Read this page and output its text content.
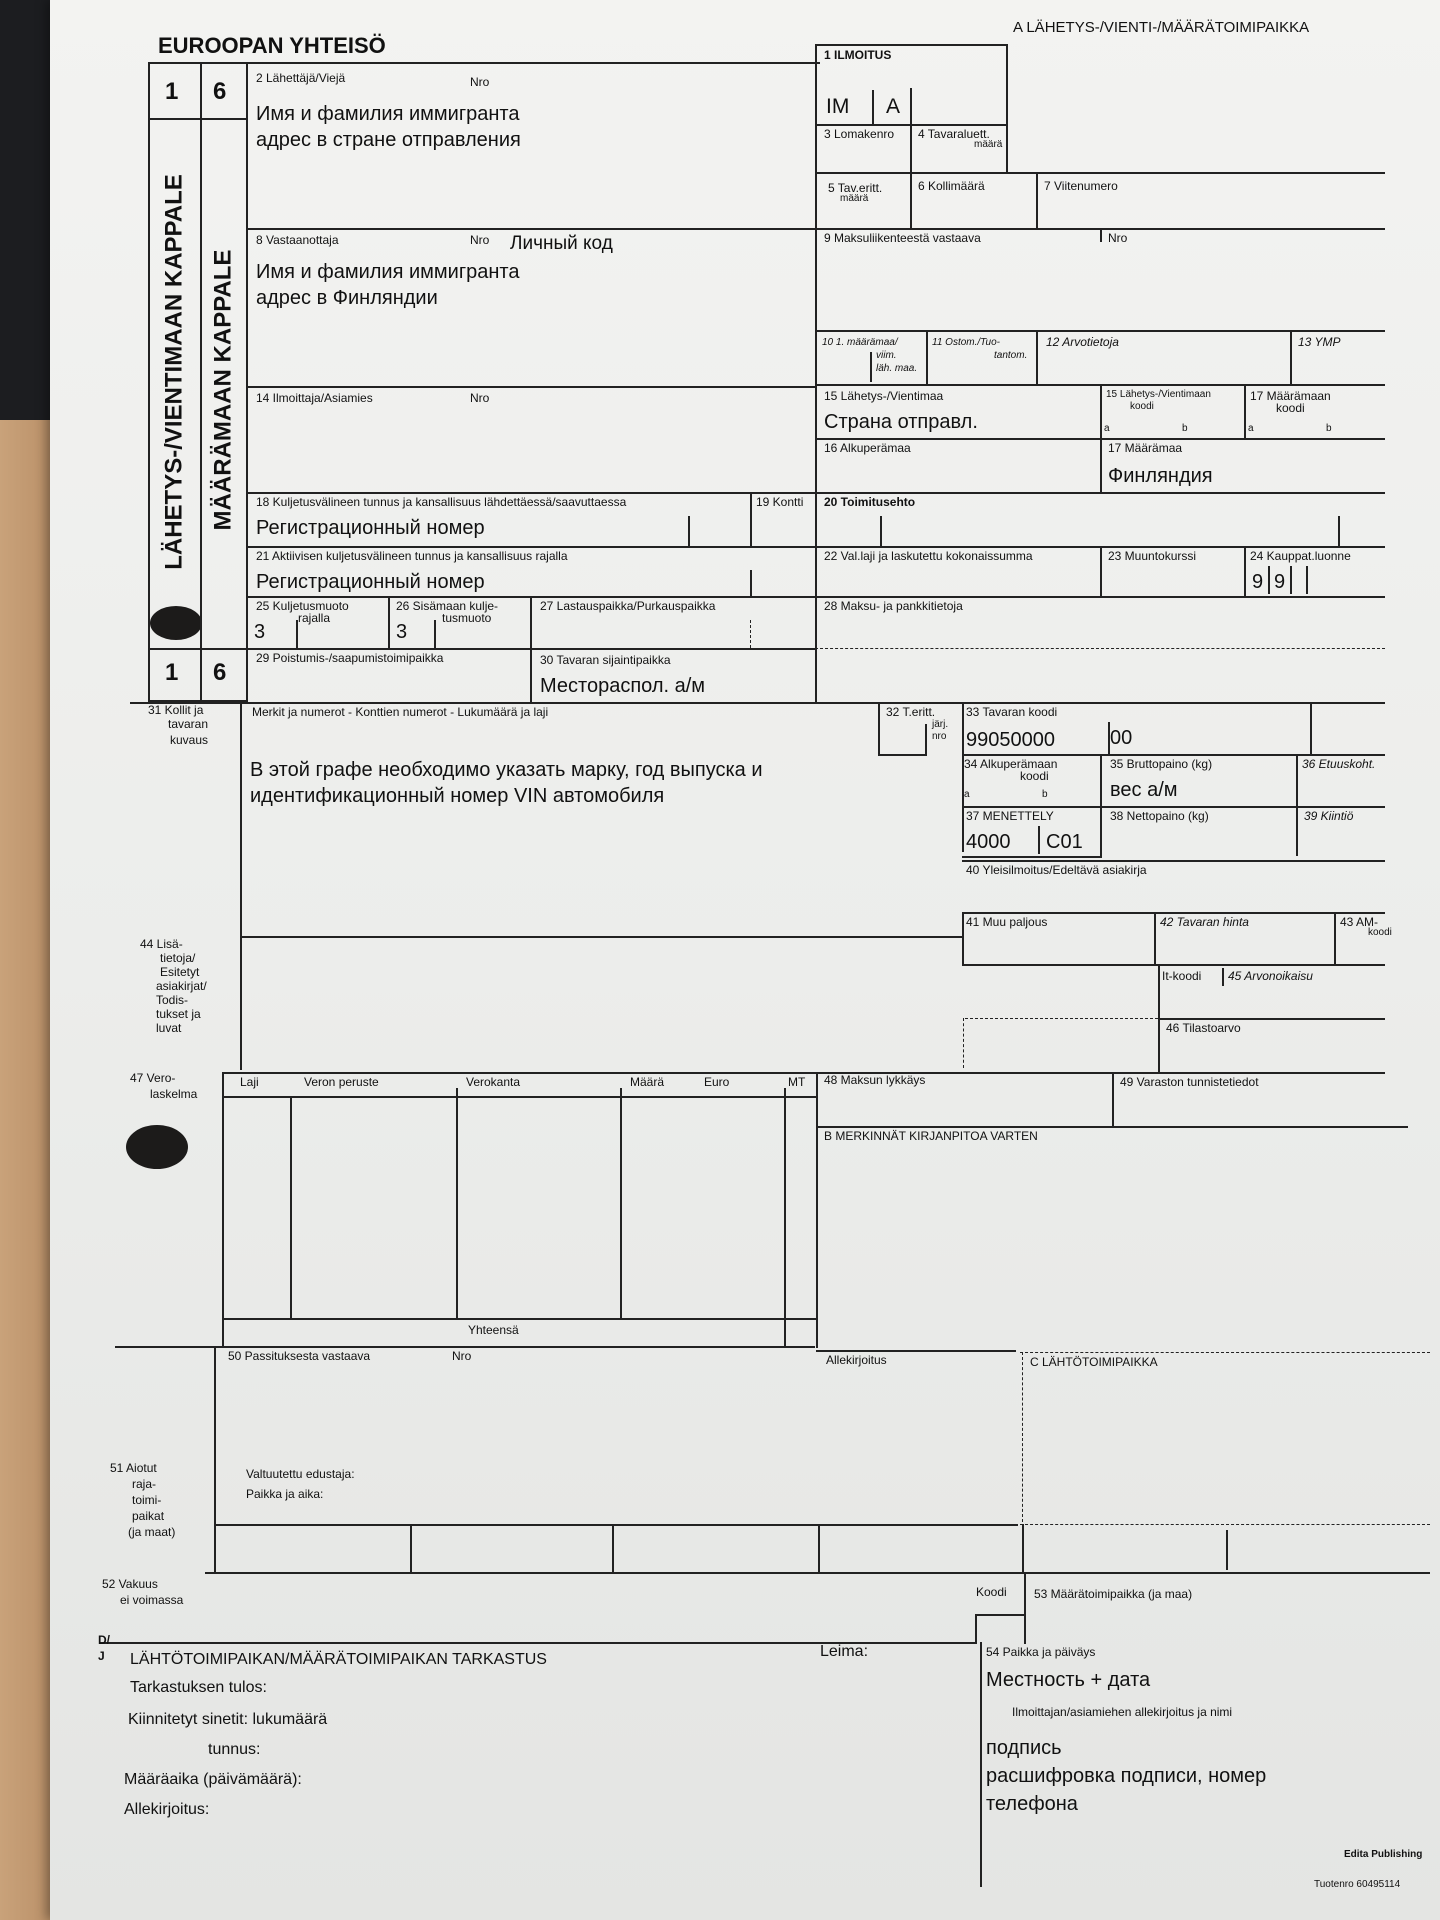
EUROOPAN YHTEISÖ
A LÄHETYS-/VIENTI-/MÄÄRÄTOIMIPAIKKA
1 6
1 6
LÄHETYS-/VIENTIMAAN KAPPALE MÄÄRÄMAAN KAPPALE
1 ILMOITUS
IM A
2 Lähettäjä/Viejä	Nro
Имя и фамилия иммигранта
адрес в стране отправления	3 Lomakenro 4 Tavaraluett.
määrä
5 Tav.eritt.
määrä
6 Kollimäärä	7 Viitenumero
8 Vastaanottaja	Nro Личный код
Имя и фамилия иммигранта
адрес в Финляндии
9 Maksuliikenteestä vastaava	Nro
10 1. määrämaa/
viim.
läh. maa.
11 Ostom./Tuo-
tantom.
12 Arvotietoja	13 YMP
14 Ilmoittaja/Asiamies	Nro	15 Lähetys-/Vientimaa
Страна отправл.
15 Lähetys-/Vientimaan
koodi
a	b
17 Määrämaan
koodi
a	b
16 Alkuperämaa	17 Määrämaa
Финляндия
18 Kuljetusvälineen tunnus ja kansallisuus lähdettäessä/saavuttaessa
Регистрационный номер
19 Kontti 20 Toimitusehto
21 Aktiivisen kuljetusvälineen tunnus ja kansallisuus rajalla
Регистрационный номер
22 Val.laji ja laskutettu kokonaissumma	23 Muuntokurssi	24 Kauppat.luonne
9 9
25 Kuljetusmuoto
rajalla
3
26 Sisämaan kulje-
tusmuoto
3
27 Lastauspaikka/Purkauspaikka	28 Maksu- ja pankkitietoja
29 Poistumis-/saapumistoimipaikka	30 Tavaran sijaintipaikka
Местораспол. а/м
31 Kollit ja
tavaran
kuvaus
Merkit ja numerot - Konttien numerot - Lukumäärä ja laji
В этой графе необходимо указать марку, год выпуска и
идентификационный номер VIN автомобиля
32 T.eritt.
järj.
nro
33 Tavaran koodi
99050000	00
34 Alkuperämaan
koodi
a	b
35 Bruttopaino (kg)
вес а/м
36 Etuuskoht.
37 MENETTELY
4000 C01
38 Nettopaino (kg)	39 Kiintiö
40 Yleisilmoitus/Edeltävä asiakirja
41 Muu paljous	42 Tavaran hinta	43 AM-
koodi
44 Lisä-
tietoja/
Esitetyt
asiakirjat/
Todis-
tukset ja
luvat
It-koodi 45 Arvonoikaisu
46 Tilastoarvo
47 Vero-
laskelma
Laji	Veron peruste	Verokanta	Määrä	Euro	MT
Yhteensä
48 Maksun lykkäys	49 Varaston tunnistetiedot
B MERKINNÄT KIRJANPITOA VARTEN
50 Passituksesta vastaava	Nro	Allekirjoitus
Valtuutettu edustaja:
Paikka ja aika:
C LÄHTÖTOIMIPAIKKA
51 Aiotut
raja-
toimi-
paikat
(ja maat)
52 Vakuus
ei voimassa
Koodi 53 Määrätoimipaikka (ja maa)
D/
J LÄHTÖTOIMIPAIKAN/MÄÄRÄTOIMIPAIKAN TARKASTUS	Leima:
Tarkastuksen tulos:
Kiinnitetyt sinetit: lukumäärä
tunnus:
Määräaika (päivämäärä):
Allekirjoitus:
54 Paikka ja päiväys
Местность + дата
Ilmoittajan/asiamiehen allekirjoitus ja nimi
подпись
расшифровка подписи, номер
телефона
Edita Publishing
Tuotenro 60495114
